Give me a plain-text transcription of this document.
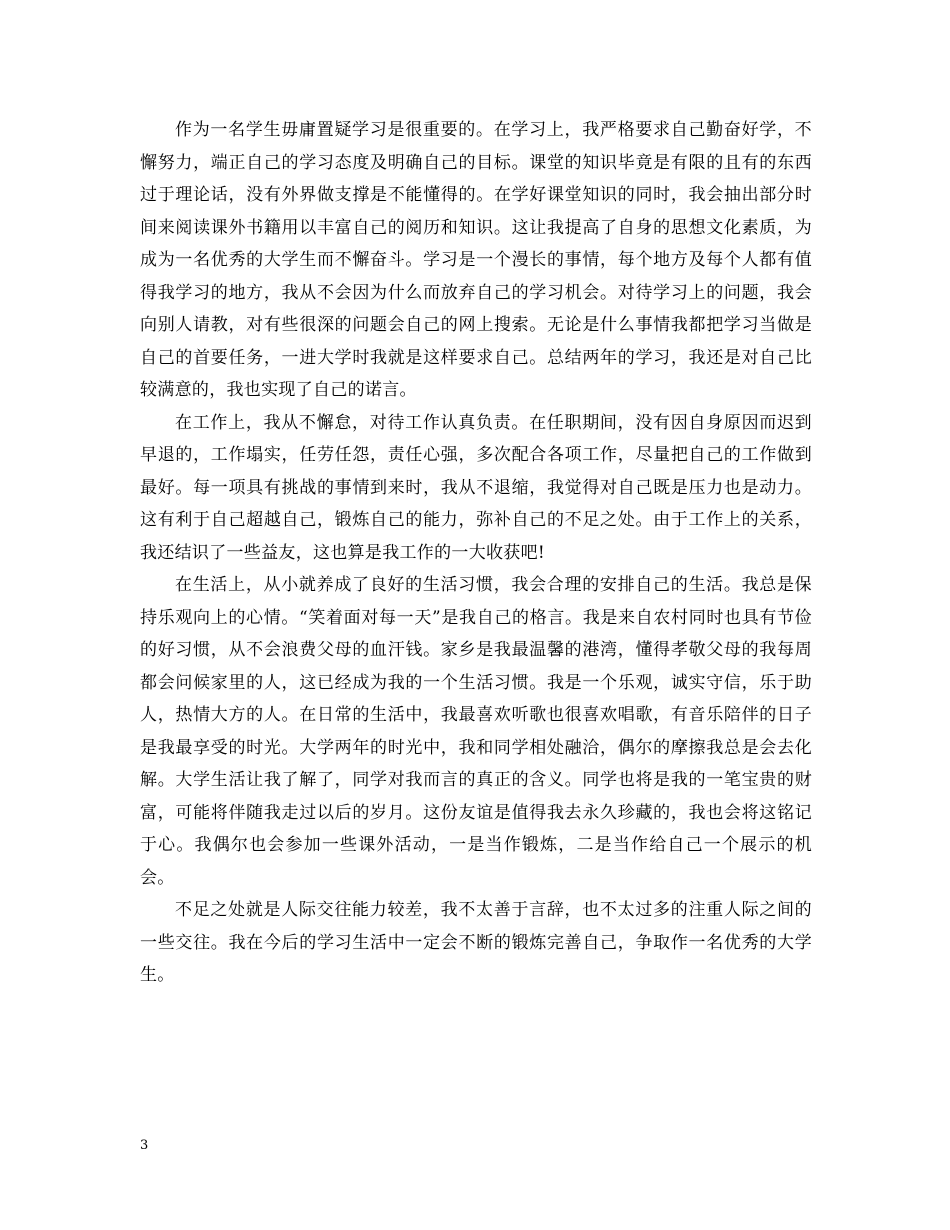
作为一名学生毋庸置疑学习是很重要的。在学习上，我严格要求自己勤奋好学，不懈努力，端正自己的学习态度及明确自己的目标。课堂的知识毕竟是有限的且有的东西过于理论话，没有外界做支撑是不能懂得的。在学好课堂知识的同时，我会抽出部分时间来阅读课外书籍用以丰富自己的阅历和知识。这让我提高了自身的思想文化素质，为成为一名优秀的大学生而不懈奋斗。学习是一个漫长的事情，每个地方及每个人都有值得我学习的地方，我从不会因为什么而放弃自己的学习机会。对待学习上的问题，我会向别人请教，对有些很深的问题会自己的网上搜索。无论是什么事情我都把学习当做是自己的首要任务，一进大学时我就是这样要求自己。总结两年的学习，我还是对自己比较满意的，我也实现了自己的诺言。

在工作上，我从不懈怠，对待工作认真负责。在任职期间，没有因自身原因而迟到早退的，工作塌实，任劳任怨，责任心强，多次配合各项工作，尽量把自己的工作做到最好。每一项具有挑战的事情到来时，我从不退缩，我觉得对自己既是压力也是动力。这有利于自己超越自己，锻炼自己的能力，弥补自己的不足之处。由于工作上的关系，我还结识了一些益友，这也算是我工作的一大收获吧!

在生活上，从小就养成了良好的生活习惯，我会合理的安排自己的生活。我总是保持乐观向上的心情。“笑着面对每一天”是我自己的格言。我是来自农村同时也具有节俭的好习惯，从不会浪费父母的血汗钱。家乡是我最温馨的港湾，懂得孝敬父母的我每周都会问候家里的人，这已经成为我的一个生活习惯。我是一个乐观，诚实守信，乐于助人，热情大方的人。在日常的生活中，我最喜欢听歌也很喜欢唱歌，有音乐陪伴的日子是我最享受的时光。大学两年的时光中，我和同学相处融洽，偶尔的摩擦我总是会去化解。大学生活让我了解了，同学对我而言的真正的含义。同学也将是我的一笔宝贵的财富，可能将伴随我走过以后的岁月。这份友谊是值得我去永久珍藏的，我也会将这铭记于心。我偶尔也会参加一些课外活动，一是当作锻炼，二是当作给自己一个展示的机会。

不足之处就是人际交往能力较差，我不太善于言辞，也不太过多的注重人际之间的一些交往。我在今后的学习生活中一定会不断的锻炼完善自己，争取作一名优秀的大学生。

3
